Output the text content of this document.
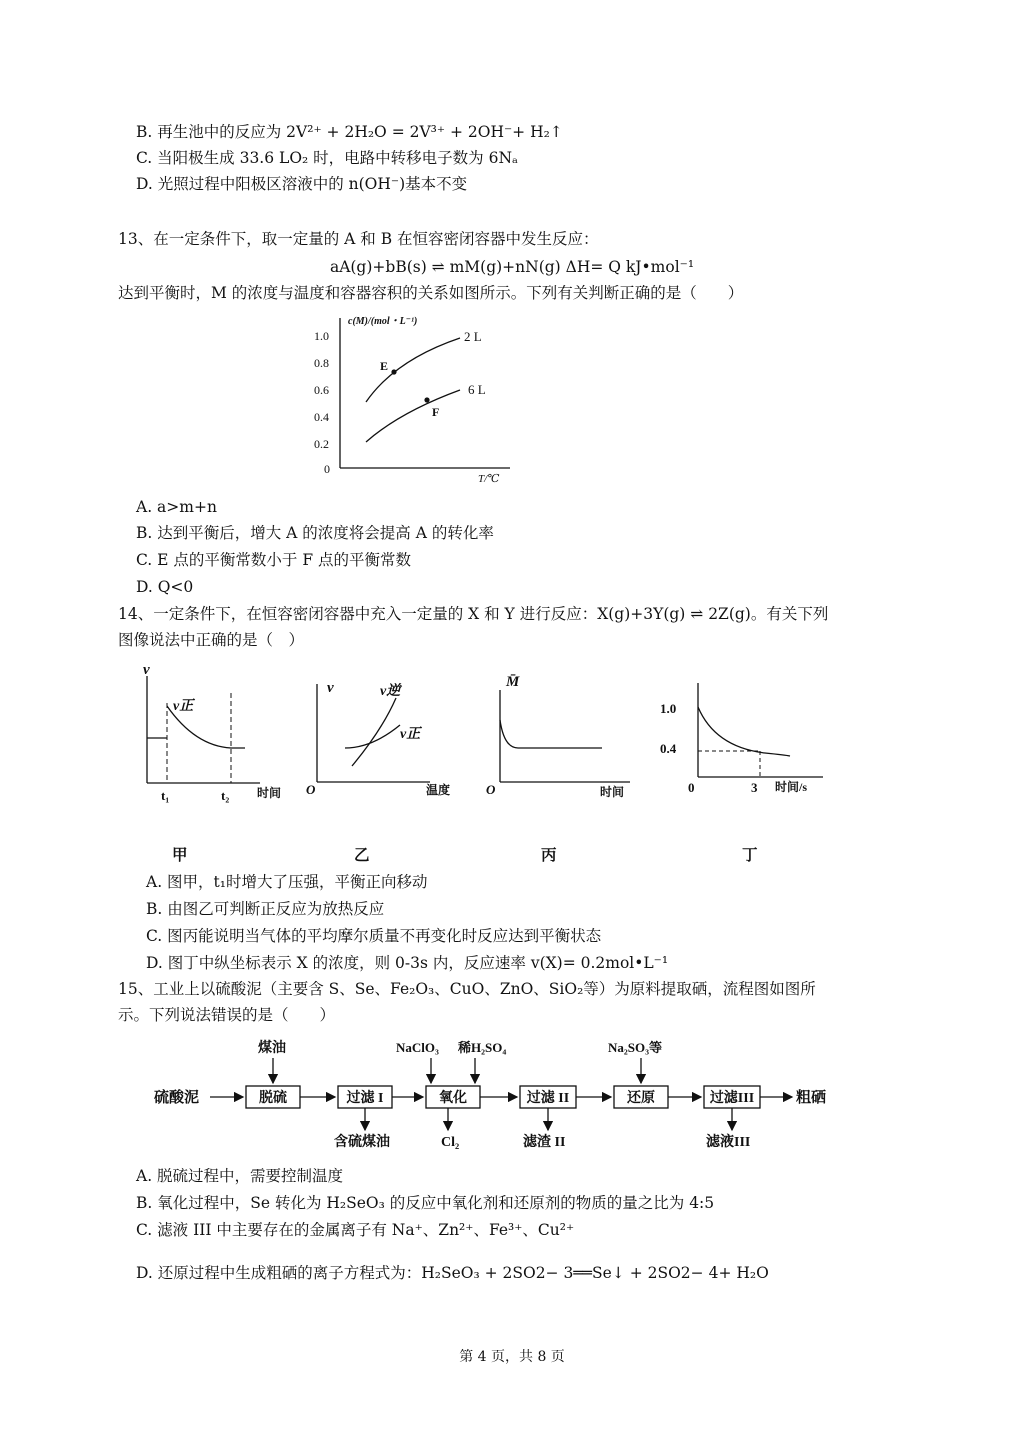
B. 再生池中的反应为 2V²⁺ + 2H₂O = 2V³⁺ + 2OH⁻+ H₂↑
C. 当阳极生成 33.6 LO₂ 时，电路中转移电子数为 6Nₐ
D. 光照过程中阳极区溶液中的 n(OH⁻)基本不变
13、在一定条件下，取一定量的 A 和 B 在恒容密闭容器中发生反应：
aA(g)+bB(s) ⇌ mM(g)+nN(g) ΔH= Q kJ•mol⁻¹
达到平衡时，M 的浓度与温度和容器容积的关系如图所示。下列有关判断正确的是（　　）
c(M)/(mol・L⁻¹)
T/℃
1.0
0.8
0.6
0.4
0.2
0
2 L
6 L
E
F
A. a>m+n
B. 达到平衡后，增大 A 的浓度将会提高 A 的转化率
C. E 点的平衡常数小于 F 点的平衡常数
D. Q<0
14、一定条件下，在恒容密闭容器中充入一定量的 X 和 Y 进行反应：X(g)+3Y(g) ⇌ 2Z(g)。有关下列
图像说法中正确的是（　）
v
v正
t₁	t₂ 时间
v	v逆
v正
O	温度
M̄
O	时间
1.0
0.4
0	3 时间/s
甲	乙	丙	丁
A. 图甲，t₁时增大了压强，平衡正向移动
B. 由图乙可判断正反应为放热反应
C. 图丙能说明当气体的平均摩尔质量不再变化时反应达到平衡状态
D. 图丁中纵坐标表示 X 的浓度，则 0-3s 内，反应速率 v(X)= 0.2mol•L⁻¹
15、工业上以硫酸泥（主要含 S、Se、Fe₂O₃、CuO、ZnO、SiO₂等）为原料提取硒，流程图如图所
示。下列说法错误的是（　　）
硫酸泥	脱硫	过滤 I	氧化	过滤 II	还原	过滤III	粗硒
煤油	NaClO₃ 稀H₂SO₄	Na₂SO₃等
含硫煤油	Cl₂	滤渣 II	滤液III
A. 脱硫过程中，需要控制温度
B. 氧化过程中，Se 转化为 H₂SeO₃ 的反应中氧化剂和还原剂的物质的量之比为 4:5
C. 滤液 III 中主要存在的金属离子有 Na⁺、Zn²⁺、Fe³⁺、Cu²⁺
D. 还原过程中生成粗硒的离子方程式为：H₂SeO₃ + 2SO2− 3══Se↓ + 2SO2− 4+ H₂O
第 4 页，共 8 页
